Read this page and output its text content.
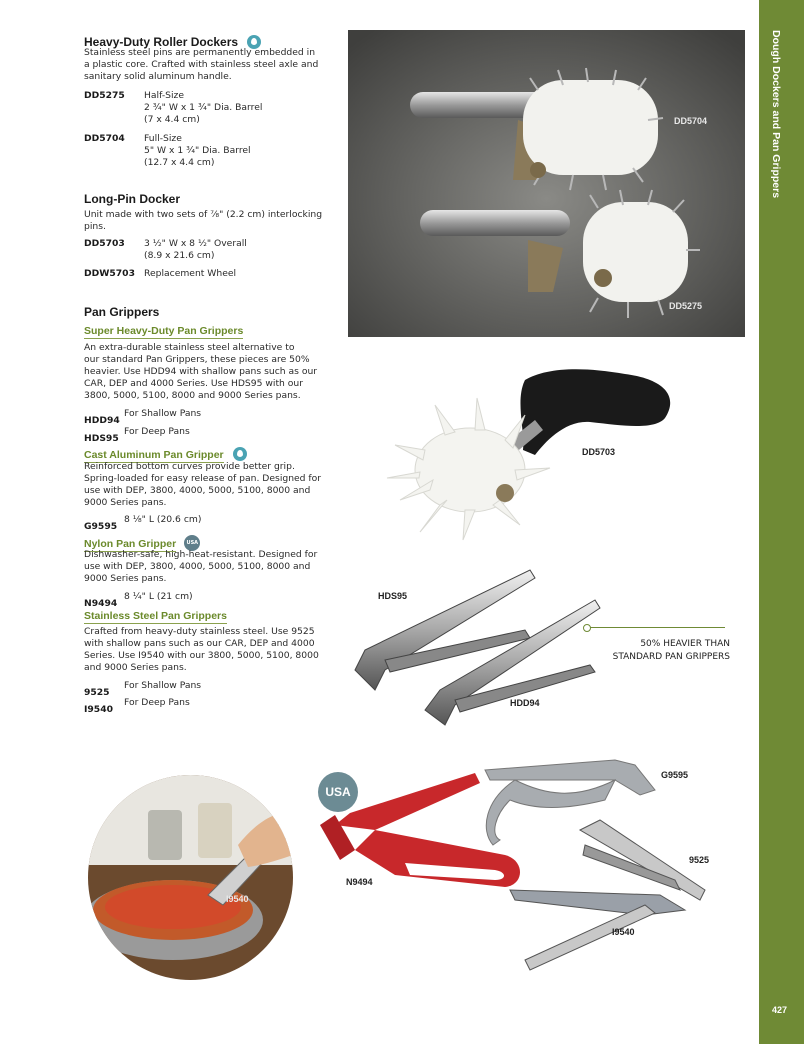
Dough Dockers and Pan Grippers
427
Heavy-Duty Roller Dockers
Stainless steel pins are permanently embedded in
a plastic core. Crafted with stainless steel axle and
sanitary solid aluminum handle.
DD5275 Half-Size
2 ¾" W x 1 ¾" Dia. Barrel
(7 x 4.4 cm)
DD5704 Full-Size
5" W x 1 ¾" Dia. Barrel
(12.7 x 4.4 cm)
Long-Pin Docker
Unit made with two sets of ⅞" (2.2 cm) interlocking
pins.
DD5703 3 ½" W x 8 ½" Overall
(8.9 x 21.6 cm)
DDW5703 Replacement Wheel
Pan Grippers
Super Heavy-Duty Pan Grippers
An extra-durable stainless steel alternative to
our standard Pan Grippers, these pieces are 50%
heavier. Use HDD94 with shallow pans such as our
CAR, DEP and 4000 Series. Use HDS95 with our
3800, 5000, 5100, 8000 and 9000 Series pans.
HDD94
For Shallow Pans
HDS95
For Deep Pans
Cast Aluminum Pan Gripper
Reinforced bottom curves provide better grip.
Spring-loaded for easy release of pan. Designed for
use with DEP, 3800, 4000, 5000, 5100, 8000 and
9000 Series pans.
G9595
8 ⅛" L (20.6 cm)
Nylon Pan Gripper USA
Dishwasher-safe, high-heat-resistant. Designed for
use with DEP, 3800, 4000, 5000, 5100, 8000 and
9000 Series pans.
N9494
8 ¼" L (21 cm)
Stainless Steel Pan Grippers
Crafted from heavy-duty stainless steel. Use 9525
with shallow pans such as our CAR, DEP and 4000
Series. Use I9540 with our 3800, 5000, 5100, 8000
and 9000 Series pans.
9525
For Shallow Pans
I9540
For Deep Pans
DD5704
DD5275
DD5703
HDS95
HDD94
50% HEAVIER THAN
STANDARD PAN GRIPPERS
I9540
USA
G9595
N9494
9525
I9540
